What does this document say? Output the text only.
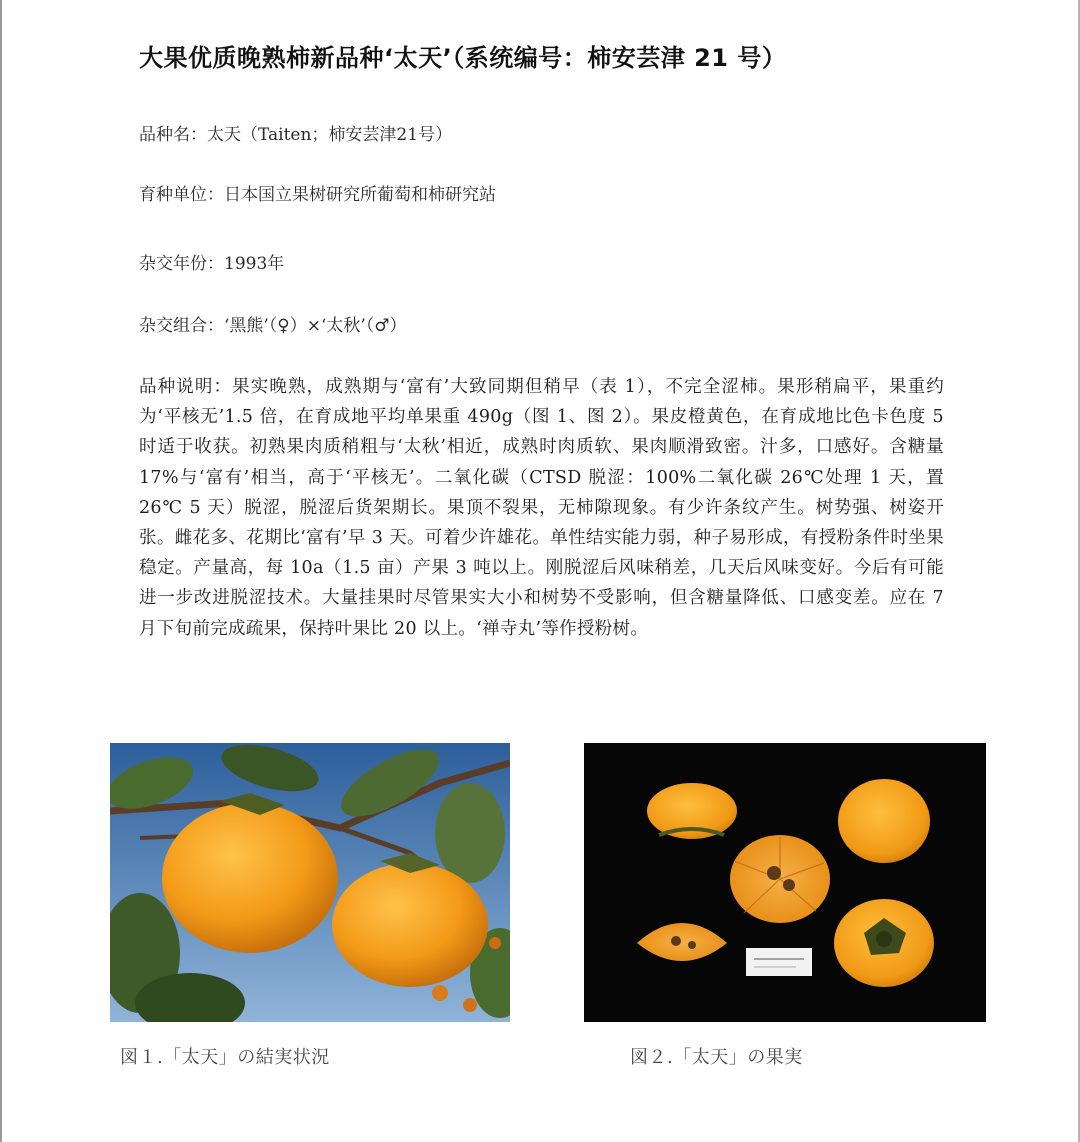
大果优质晚熟柿新品种‘太天’（系统编号：柿安芸津 21 号）
品种名：太天（Taiten；柿安芸津21号）
育种单位：日本国立果树研究所葡萄和柿研究站
杂交年份：1993年
杂交组合：‘黑熊’（♀）×‘太秋’（♂）
品种说明：果实晚熟，成熟期与‘富有’大致同期但稍早（表 1），不完全涩柿。果形稍扁平，果重约为‘平核无’1.5 倍，在育成地平均单果重 490g（图 1、图 2）。果皮橙黄色，在育成地比色卡色度 5 时适于收获。初熟果肉质稍粗与‘太秋’相近，成熟时肉质软、果肉顺滑致密。汁多，口感好。含糖量 17%与‘富有’相当，高于‘平核无’。二氧化碳（CTSD 脱涩：100%二氧化碳 26℃处理 1 天，置 26℃ 5 天）脱涩，脱涩后货架期长。果顶不裂果，无柿隙现象。有少许条纹产生。树势强、树姿开张。雌花多、花期比‘富有’早 3 天。可着少许雄花。单性结实能力弱，种子易形成，有授粉条件时坐果稳定。产量高，每 10a（1.5 亩）产果 3 吨以上。刚脱涩后风味稍差，几天后风味变好。今后有可能进一步改进脱涩技术。大量挂果时尽管果实大小和树势不受影响，但含糖量降低、口感变差。应在 7 月下旬前完成疏果，保持叶果比 20 以上。‘禅寺丸’等作授粉树。
図１.「太天」の結実状況	図２.「太天」の果実
